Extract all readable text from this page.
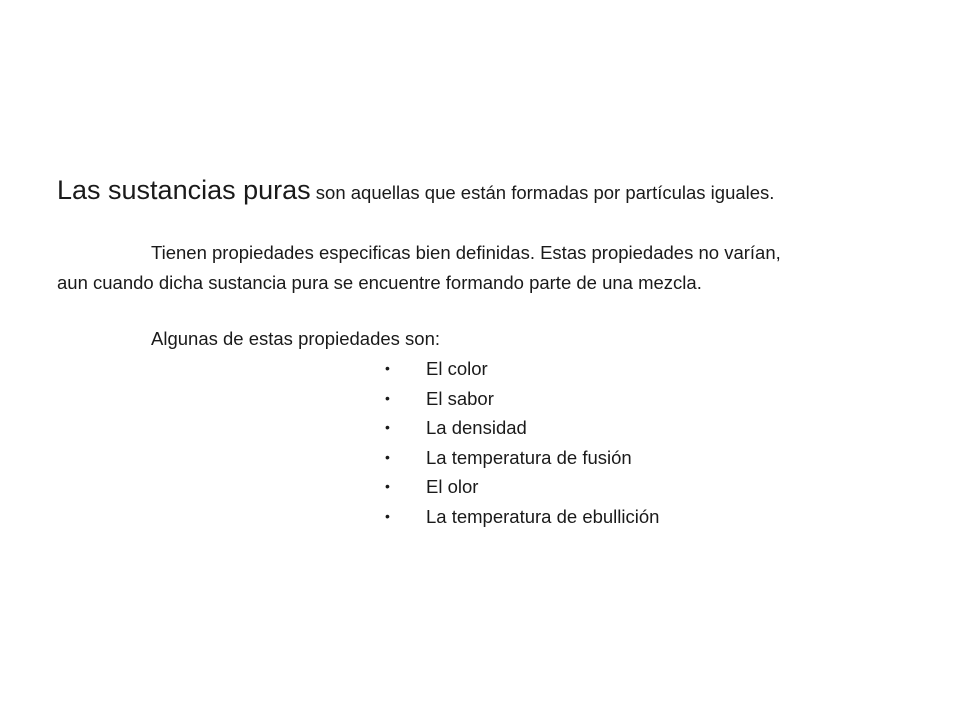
Las sustancias puras son aquellas que están formadas por partículas iguales.
Tienen propiedades especificas bien definidas. Estas propiedades no varían,
aun cuando dicha sustancia pura se encuentre formando parte de una mezcla.
Algunas de estas propiedades son:
• El color
• El sabor
• La densidad
• La temperatura de fusión
• El olor
• La temperatura de ebullición
